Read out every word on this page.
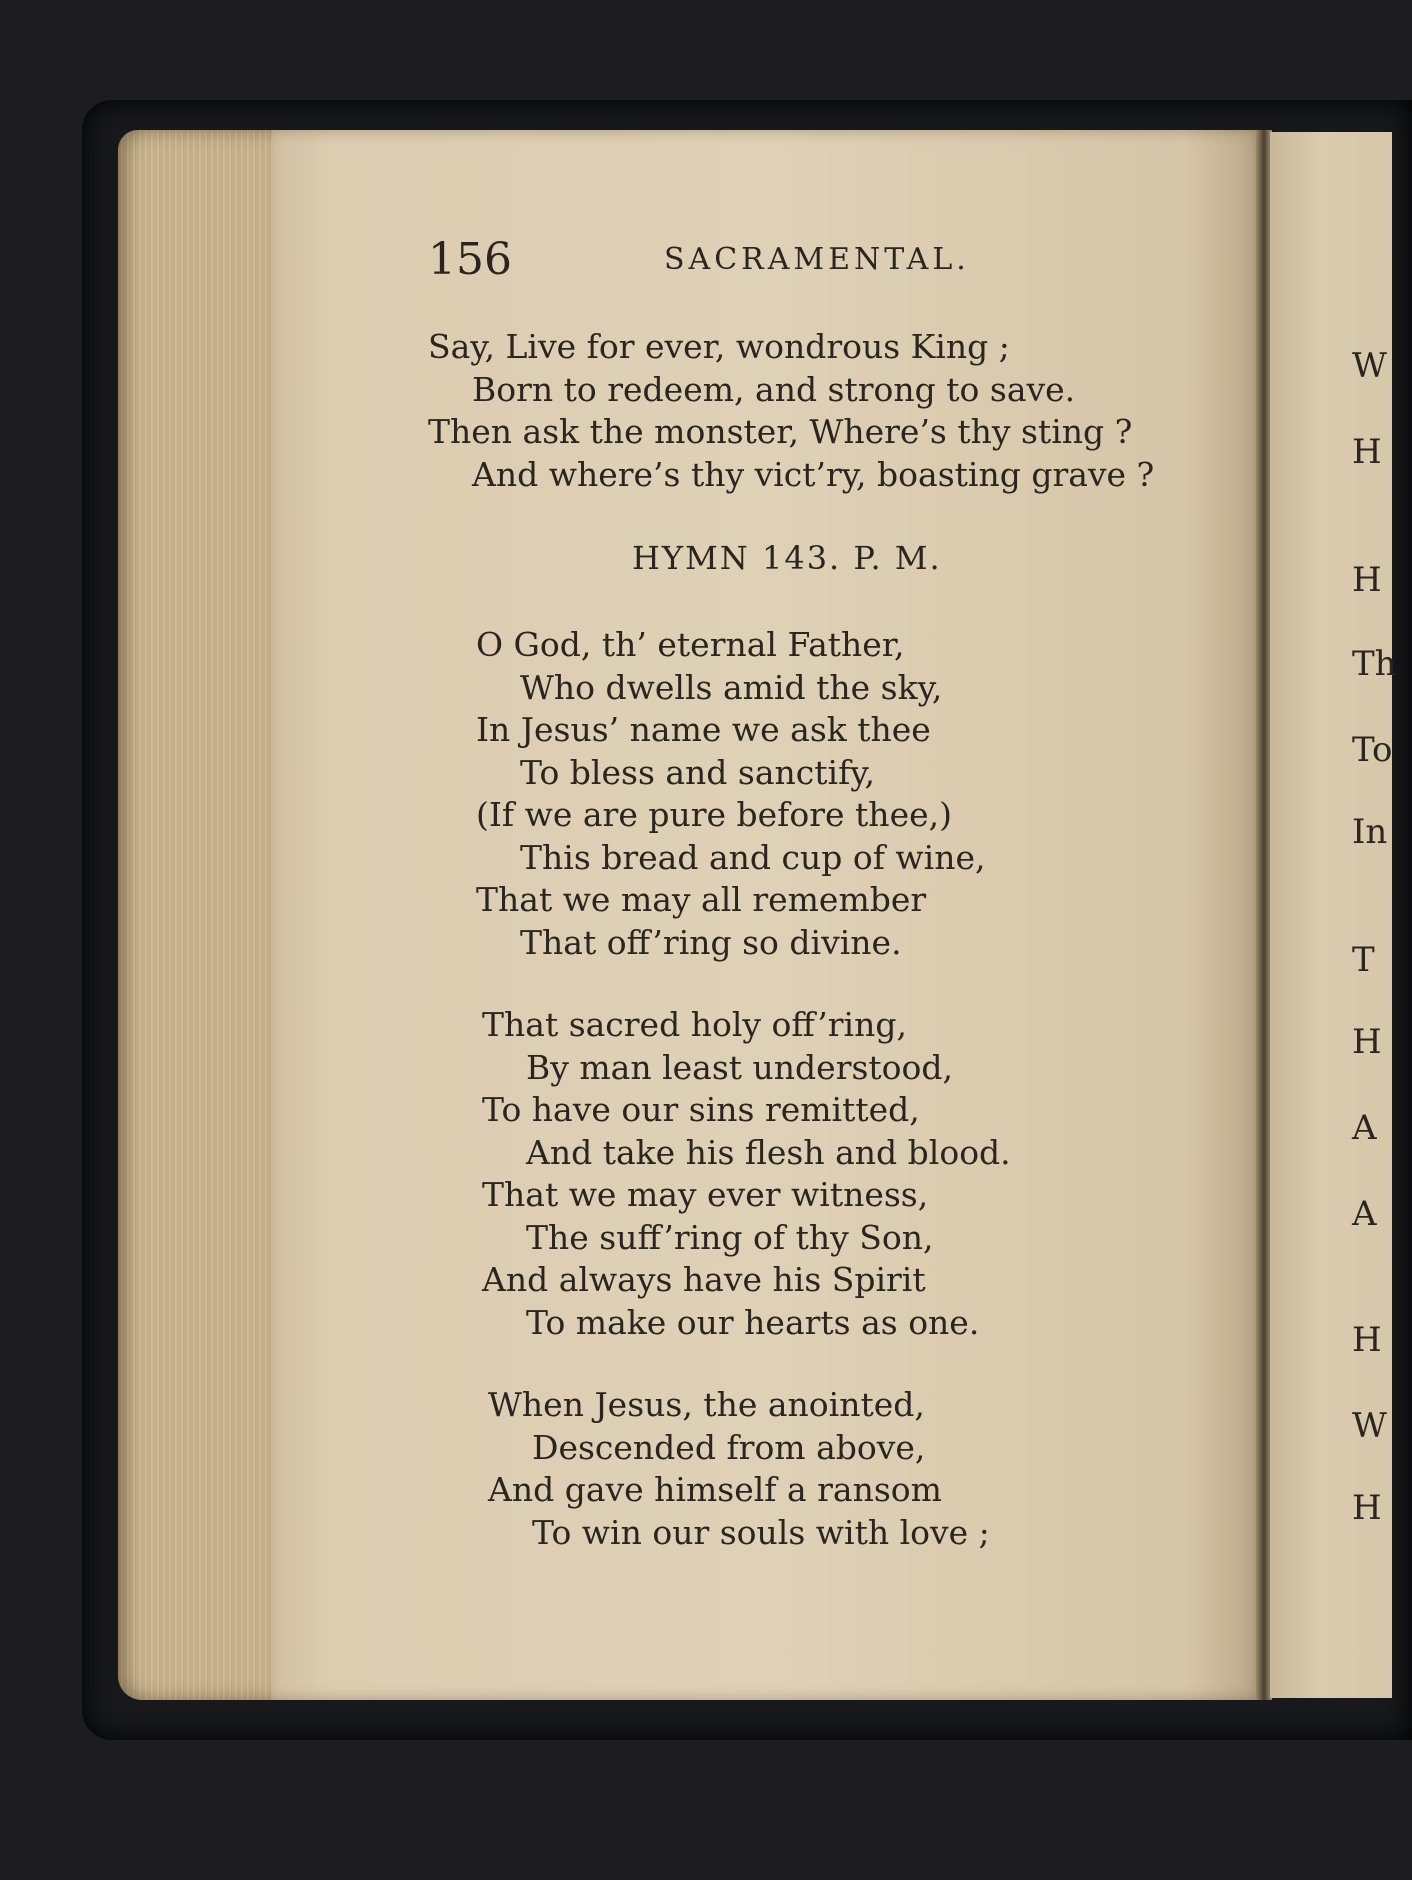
156	SACRAMENTAL.
Say, Live for ever, wondrous King ;
Born to redeem, and strong to save.
Then ask the monster, Where’s thy sting ?
And where’s thy vict’ry, boasting grave ?
HYMN 143. P. M.
O God, th’ eternal Father,
Who dwells amid the sky,
In Jesus’ name we ask thee
To bless and sanctify,
(If we are pure before thee,)
This bread and cup of wine,
That we may all remember
That off’ring so divine.
That sacred holy off’ring,
By man least understood,
To have our sins remitted,
And take his flesh and blood.
That we may ever witness,
The suff’ring of thy Son,
And always have his Spirit
To make our hearts as one.
When Jesus, the anointed,
Descended from above,
And gave himself a ransom
To win our souls with love ;
W
H
H
Th
To
In
T
H
A
A
H
W
H
